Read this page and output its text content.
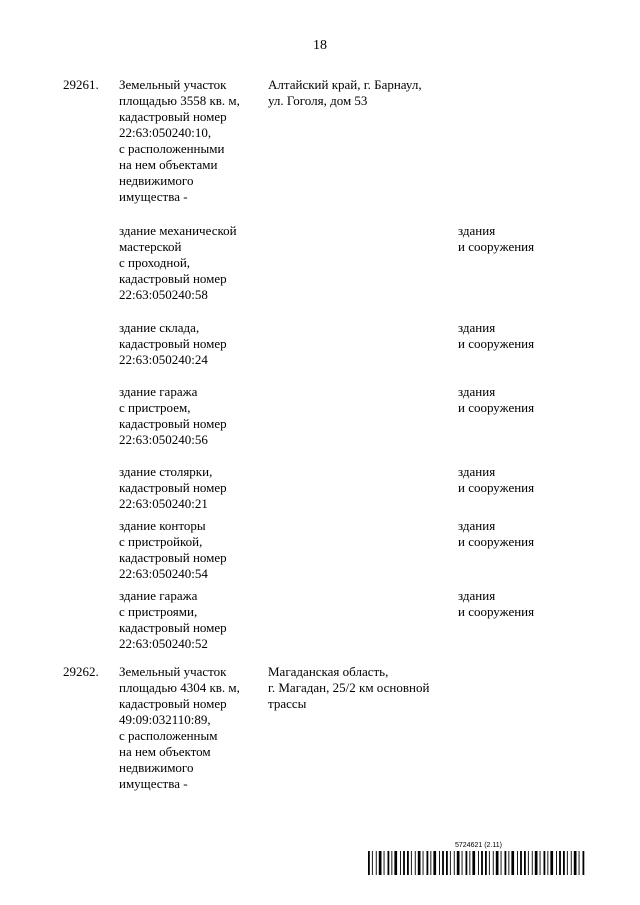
18
29261. Земельный участок
площадью 3558 кв. м,
кадастровый номер
22:63:050240:10,
с расположенными
на нем объектами
недвижимого
имущества -
Алтайский край, г. Барнаул,
ул. Гоголя, дом 53
здание механической
мастерской
с проходной,
кадастровый номер
22:63:050240:58
здания
и сооружения
здание склада,
кадастровый номер
22:63:050240:24
здания
и сооружения
здание гаража
с пристроем,
кадастровый номер
22:63:050240:56
здания
и сооружения
здание столярки,
кадастровый номер
22:63:050240:21
здания
и сооружения
здание конторы
с пристройкой,
кадастровый номер
22:63:050240:54
здания
и сооружения
здание гаража
с пристроями,
кадастровый номер
22:63:050240:52
здания
и сооружения
29262. Земельный участок
площадью 4304 кв. м,
кадастровый номер
49:09:032110:89,
с расположенным
на нем объектом
недвижимого
имущества -
Магаданская область,
г. Магадан, 25/2 км основной
трассы
5724621 (2.11)
